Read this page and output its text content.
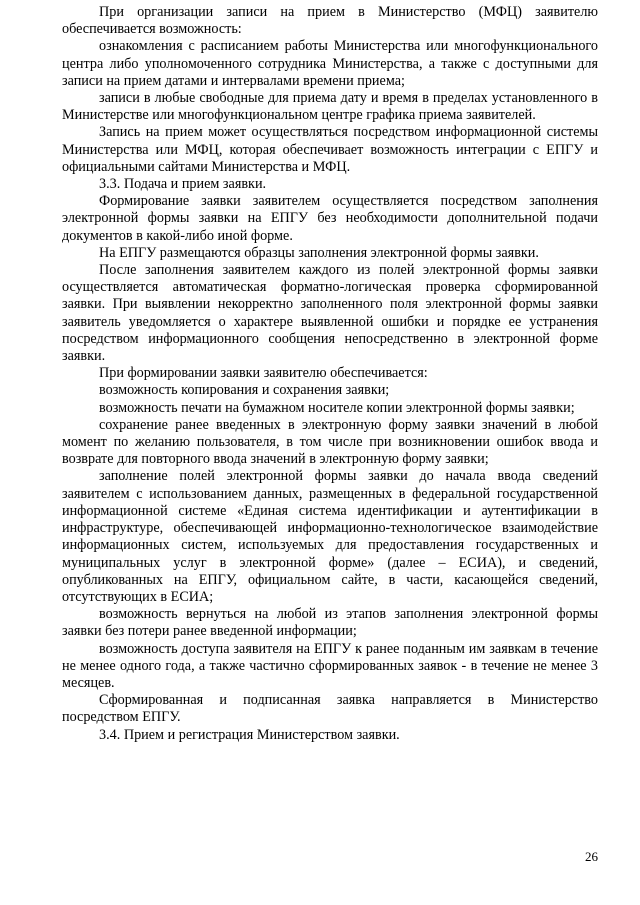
При организации записи на прием в Министерство (МФЦ) заявителю обеспечивается возможность:

ознакомления с расписанием работы Министерства или многофункционального центра либо уполномоченного сотрудника Министерства, а также с доступными для записи на прием датами и интервалами времени приема;

записи в любые свободные для приема дату и время в пределах установленного в Министерстве или многофункциональном центре графика приема заявителей.

Запись на прием может осуществляться посредством информационной системы Министерства или МФЦ, которая обеспечивает возможность интеграции с ЕПГУ и официальными сайтами Министерства и МФЦ.

3.3. Подача и прием заявки.

Формирование заявки заявителем осуществляется посредством заполнения электронной формы заявки на ЕПГУ без необходимости дополнительной подачи документов в какой-либо иной форме.

На ЕПГУ размещаются образцы заполнения электронной формы заявки.

После заполнения заявителем каждого из полей электронной формы заявки осуществляется автоматическая форматно-логическая проверка сформированной заявки. При выявлении некорректно заполненного поля электронной формы заявки заявитель уведомляется о характере выявленной ошибки и порядке ее устранения посредством информационного сообщения непосредственно в электронной форме заявки.

При формировании заявки заявителю обеспечивается:

возможность копирования и сохранения заявки;

возможность печати на бумажном носителе копии электронной формы заявки;

сохранение ранее введенных в электронную форму заявки значений в любой момент по желанию пользователя, в том числе при возникновении ошибок ввода и возврате для повторного ввода значений в электронную форму заявки;

заполнение полей электронной формы заявки до начала ввода сведений заявителем с использованием данных, размещенных в федеральной государственной информационной системе «Единая система идентификации и аутентификации в инфраструктуре, обеспечивающей информационно-технологическое взаимодействие информационных систем, используемых для предоставления государственных и муниципальных услуг в электронной форме» (далее – ЕСИА), и сведений, опубликованных на ЕПГУ, официальном сайте, в части, касающейся сведений, отсутствующих в ЕСИА;

возможность вернуться на любой из этапов заполнения электронной формы заявки без потери ранее введенной информации;

возможность доступа заявителя на ЕПГУ к ранее поданным им заявкам в течение не менее одного года, а также частично сформированных заявок - в течение не менее 3 месяцев.

Сформированная и подписанная заявка направляется в Министерство посредством ЕПГУ.

3.4. Прием и регистрация Министерством заявки.

26
